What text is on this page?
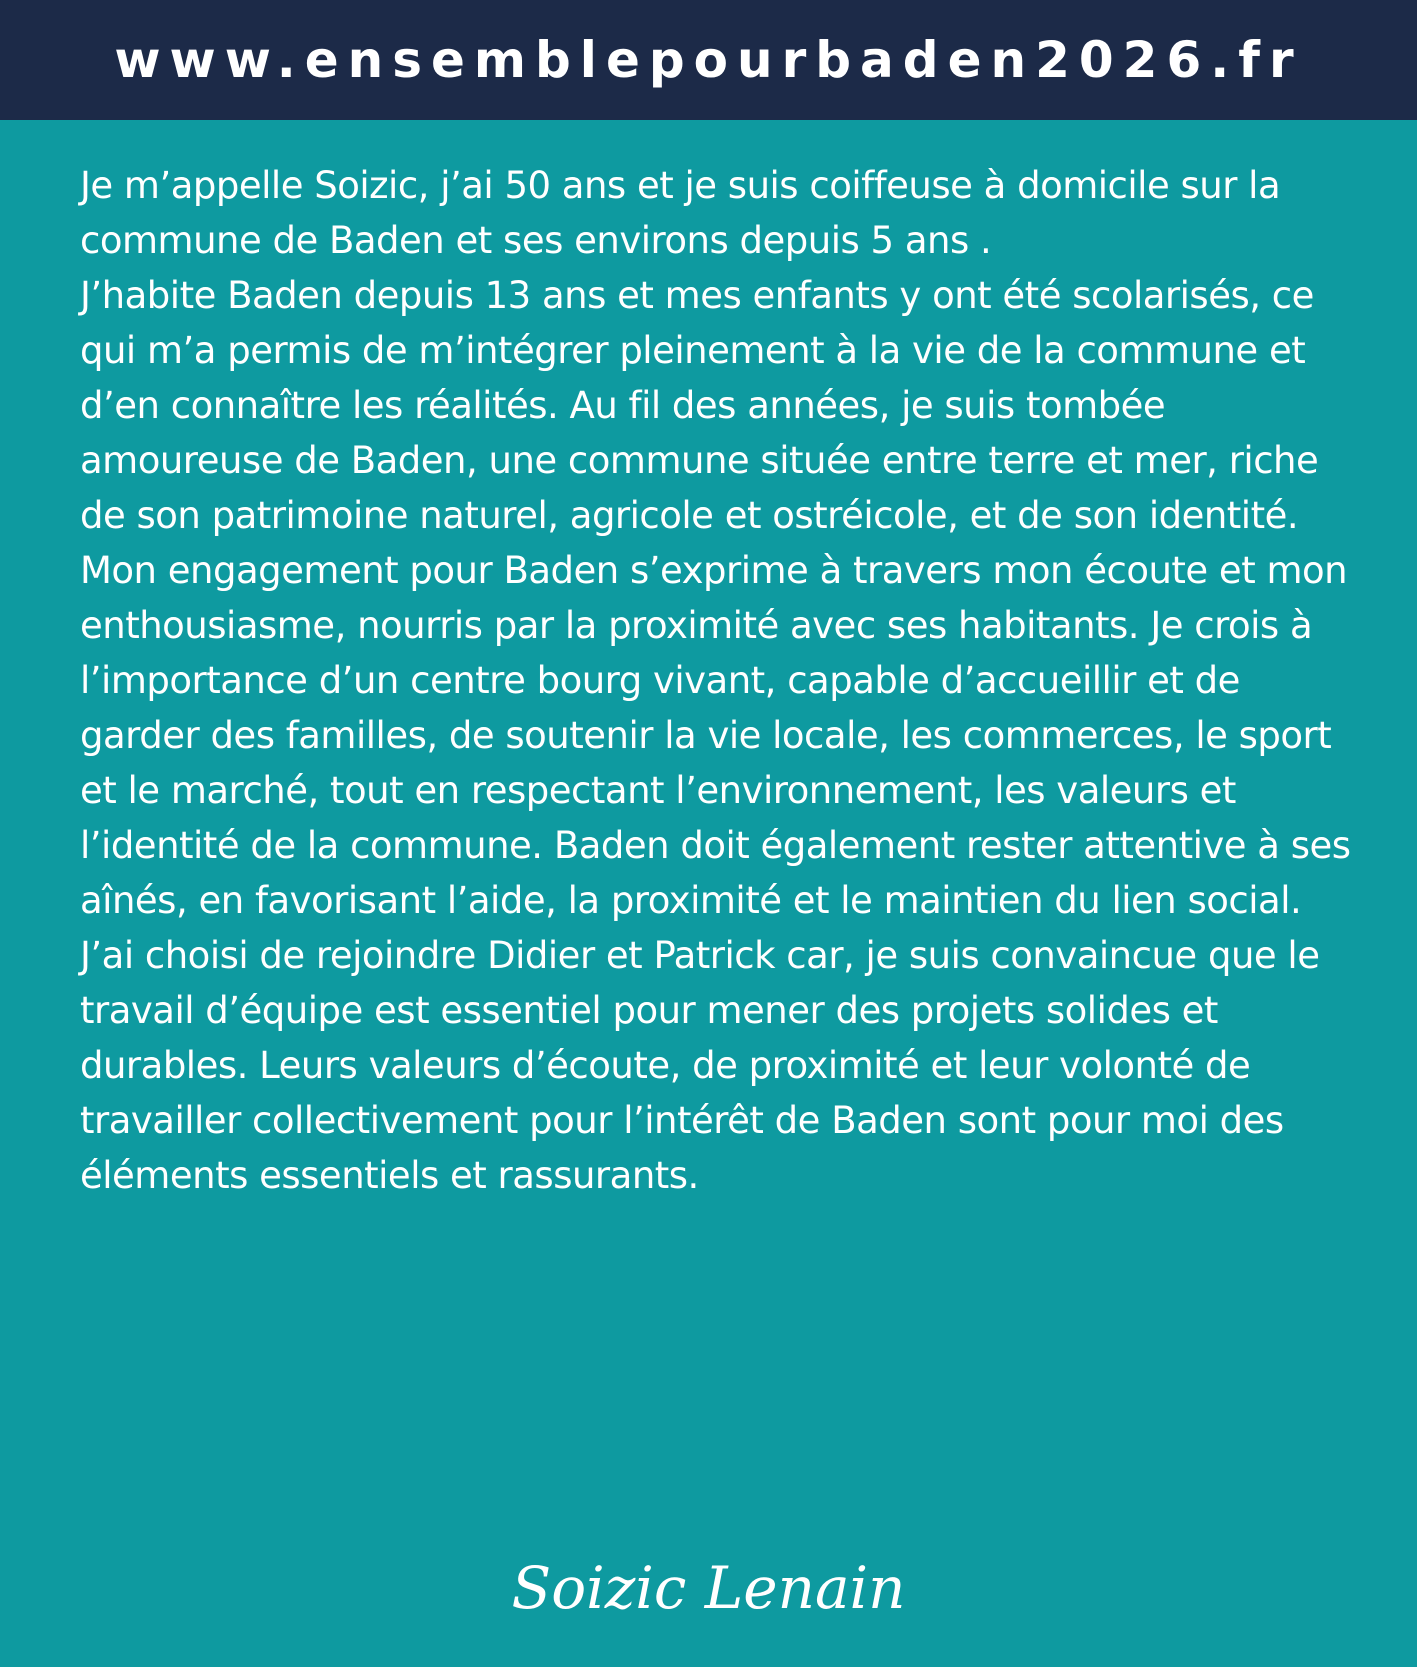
www.ensemblepourbaden2026.fr

Je m’appelle Soizic, j’ai 50 ans et je suis coiffeuse à domicile sur la commune de Baden et ses environs depuis 5 ans .

J’habite Baden depuis 13 ans et mes enfants y ont été scolarisés, ce qui m’a permis de m’intégrer pleinement à la vie de la commune et d’en connaître les réalités. Au fil des années, je suis tombée amoureuse de Baden, une commune située entre terre et mer, riche de son patrimoine naturel, agricole et ostréicole, et de son identité.

Mon engagement pour Baden s’exprime à travers mon écoute et mon enthousiasme, nourris par la proximité avec ses habitants. Je crois à l’importance d’un centre bourg vivant, capable d’accueillir et de garder des familles, de soutenir la vie locale, les commerces, le sport et le marché, tout en respectant l’environnement, les valeurs et l’identité de la commune. Baden doit également rester attentive à ses aînés, en favorisant l’aide, la proximité et le maintien du lien social.

J’ai choisi de rejoindre Didier et Patrick car, je suis convaincue que le travail d’équipe est essentiel pour mener des projets solides et durables. Leurs valeurs d’écoute, de proximité et leur volonté de travailler collectivement pour l’intérêt de Baden sont pour moi des éléments essentiels et rassurants.

Soizic Lenain
